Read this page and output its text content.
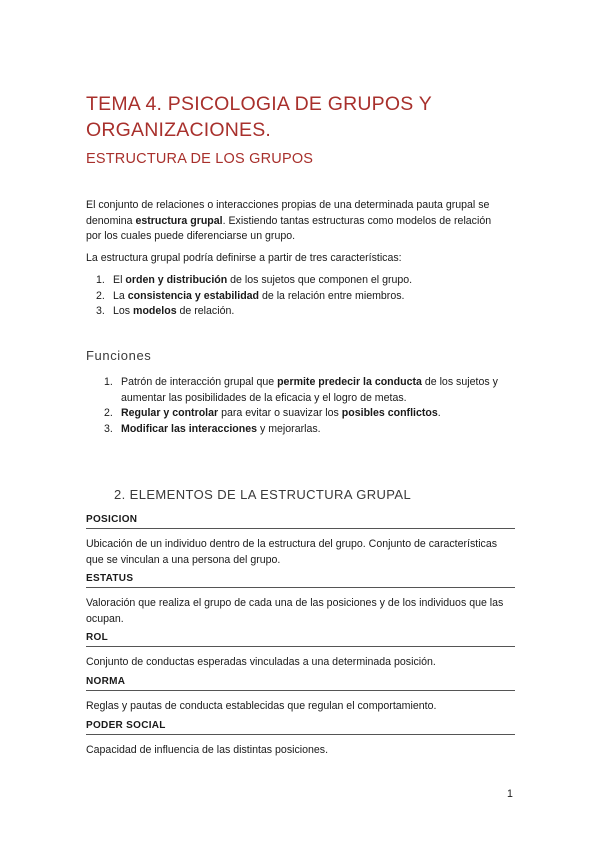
TEMA 4. PSICOLOGIA DE GRUPOS Y ORGANIZACIONES.
ESTRUCTURA DE LOS GRUPOS

El conjunto de relaciones o interacciones propias de una determinada pauta grupal se denomina estructura grupal. Existiendo tantas estructuras como modelos de relación por los cuales puede diferenciarse un grupo.

La estructura grupal podría definirse a partir de tres características:

1. El orden y distribución de los sujetos que componen el grupo.
2. La consistencia y estabilidad de la relación entre miembros.
3. Los modelos de relación.
Funciones
1. Patrón de interacción grupal que permite predecir la conducta de los sujetos y aumentar las posibilidades de la eficacia y el logro de metas.
2. Regular y controlar para evitar o suavizar los posibles conflictos.
3. Modificar las interacciones y mejorarlas.
2. ELEMENTOS DE LA ESTRUCTURA GRUPAL
POSICION
Ubicación de un individuo dentro de la estructura del grupo. Conjunto de características que se vinculan a una persona del grupo.
ESTATUS
Valoración que realiza el grupo de cada una de las posiciones y de los individuos que las ocupan.
ROL
Conjunto de conductas esperadas vinculadas a una determinada posición.
NORMA
Reglas y pautas de conducta establecidas que regulan el comportamiento.
PODER SOCIAL
Capacidad de influencia de las distintas posiciones.
1
